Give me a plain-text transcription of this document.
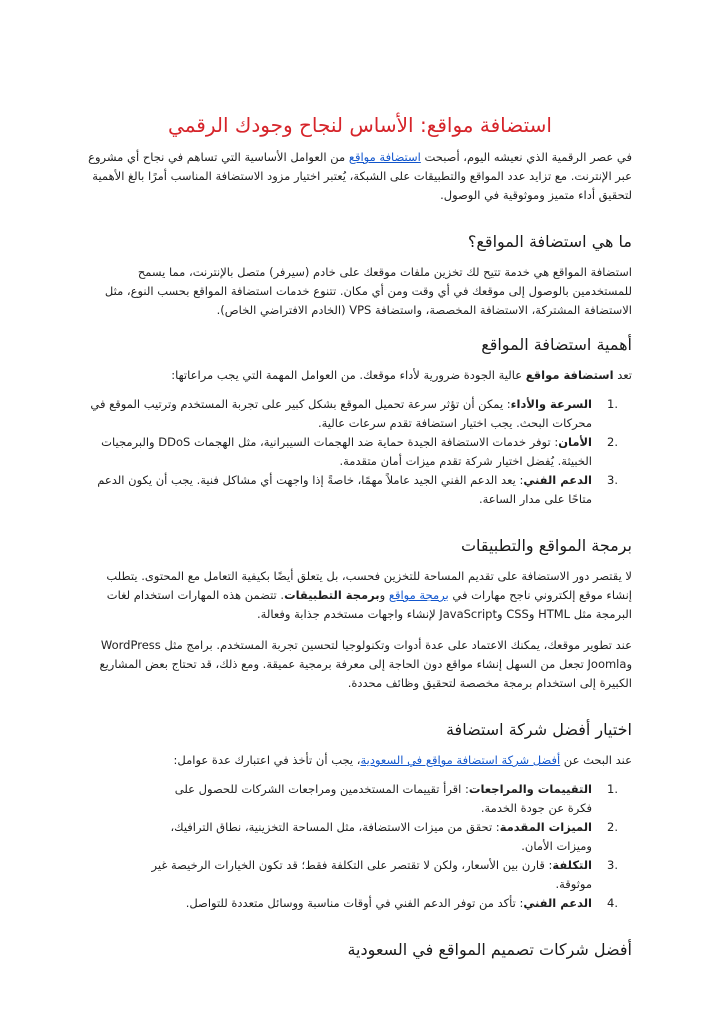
استضافة مواقع: الأساس لنجاح وجودك الرقمي

في عصر الرقمية الذي نعيشه اليوم، أصبحت استضافة مواقع من العوامل الأساسية التي تساهم في نجاح أي مشروع عبر الإنترنت. مع تزايد عدد المواقع والتطبيقات على الشبكة، يُعتبر اختيار مزود الاستضافة المناسب أمرًا بالغ الأهمية لتحقيق أداء متميز وموثوقية في الوصول.

ما هي استضافة المواقع؟

استضافة المواقع هي خدمة تتيح لك تخزين ملفات موقعك على خادم (سيرفر) متصل بالإنترنت، مما يسمح للمستخدمين بالوصول إلى موقعك في أي وقت ومن أي مكان. تتنوع خدمات استضافة المواقع بحسب النوع، مثل الاستضافة المشتركة، الاستضافة المخصصة، واستضافة VPS (الخادم الافتراضي الخاص).

أهمية استضافة المواقع

تعد استضافة مواقع عالية الجودة ضرورية لأداء موقعك. من العوامل المهمة التي يجب مراعاتها:

1.
السرعة والأداء: يمكن أن تؤثر سرعة تحميل الموقع بشكل كبير على تجربة المستخدم وترتيب الموقع في محركات البحث. يجب اختيار استضافة تقدم سرعات عالية.
2.
الأمان: توفر خدمات الاستضافة الجيدة حماية ضد الهجمات السيبرانية، مثل الهجمات DDoS والبرمجيات الخبيثة. يُفضل اختيار شركة تقدم ميزات أمان متقدمة.
3.
الدعم الفني: يعد الدعم الفني الجيد عاملاً مهمًا، خاصةً إذا واجهت أي مشاكل فنية. يجب أن يكون الدعم متاحًا على مدار الساعة.
برمجة المواقع والتطبيقات

لا يقتصر دور الاستضافة على تقديم المساحة للتخزين فحسب، بل يتعلق أيضًا بكيفية التعامل مع المحتوى. يتطلب إنشاء موقع إلكتروني ناجح مهارات في برمجة مواقع وبرمجة التطبيقات. تتضمن هذه المهارات استخدام لغات البرمجة مثل HTML وCSS وJavaScript لإنشاء واجهات مستخدم جذابة وفعالة.

عند تطوير موقعك، يمكنك الاعتماد على عدة أدوات وتكنولوجيا لتحسين تجربة المستخدم. برامج مثل WordPress وJoomla تجعل من السهل إنشاء مواقع دون الحاجة إلى معرفة برمجية عميقة. ومع ذلك، قد تحتاج بعض المشاريع الكبيرة إلى استخدام برمجة مخصصة لتحقيق وظائف محددة.

اختيار أفضل شركة استضافة

عند البحث عن أفضل شركة استضافة مواقع في السعودية، يجب أن تأخذ في اعتبارك عدة عوامل:

1.
التقييمات والمراجعات: اقرأ تقييمات المستخدمين ومراجعات الشركات للحصول على فكرة عن جودة الخدمة.
2.
الميزات المقدمة: تحقق من ميزات الاستضافة، مثل المساحة التخزينية، نطاق الترافيك، وميزات الأمان.
3.
التكلفة: قارن بين الأسعار، ولكن لا تقتصر على التكلفة فقط؛ قد تكون الخيارات الرخيصة غير موثوقة.
4.
الدعم الفني: تأكد من توفر الدعم الفني في أوقات مناسبة ووسائل متعددة للتواصل.
أفضل شركات تصميم المواقع في السعودية
